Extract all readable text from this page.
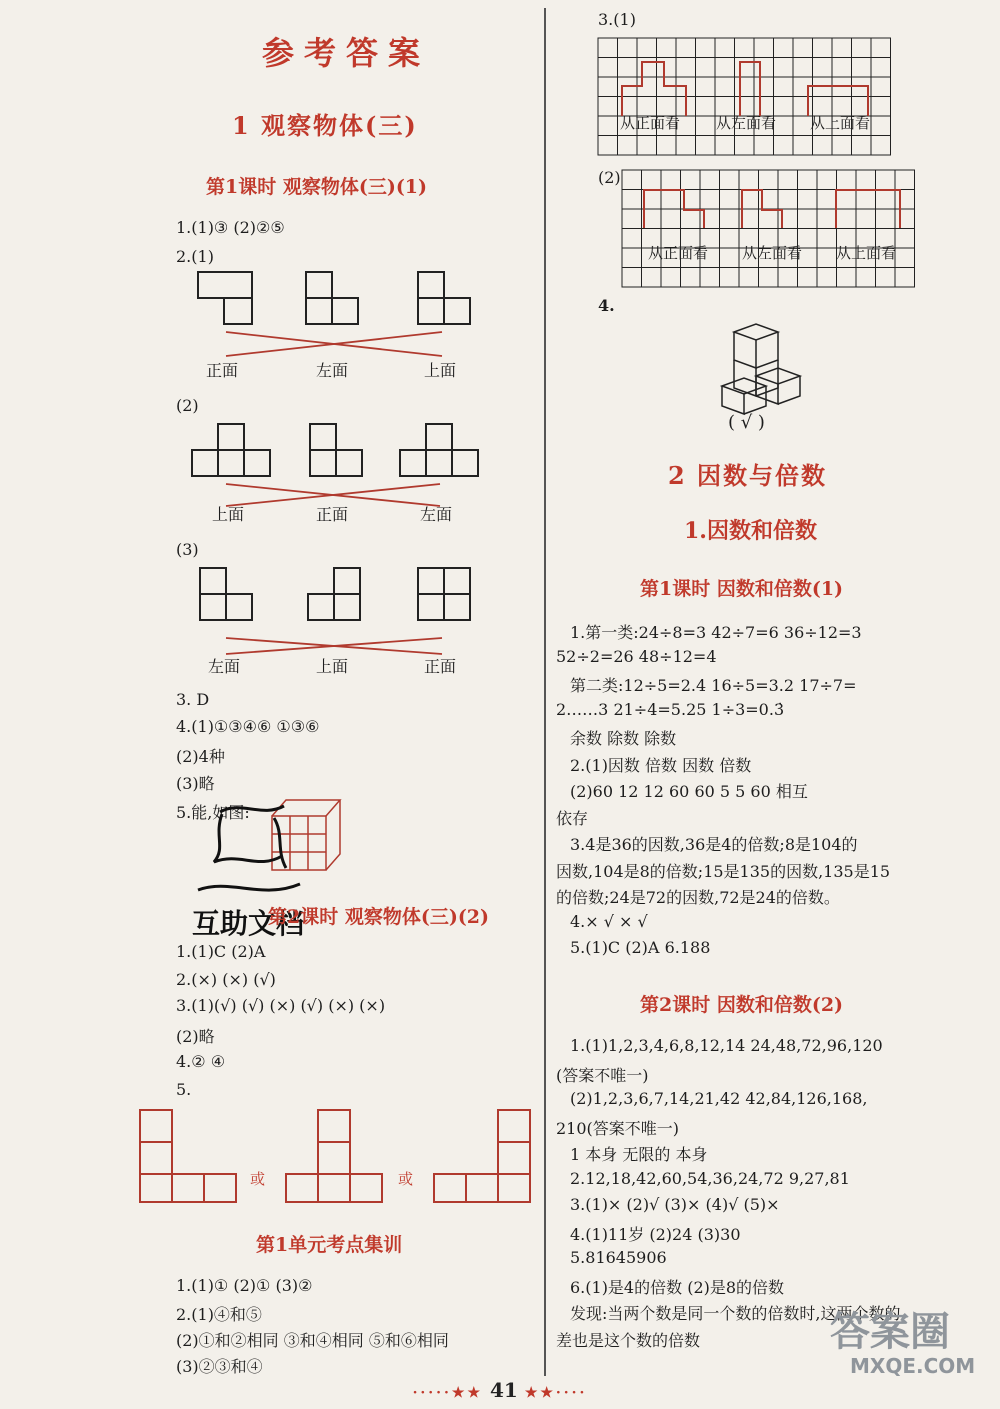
参考答案
1 观察物体(三)
第1课时 观察物体(三)(1)
1.(1)③ (2)②⑤
2.(1)
正面	左面	上面
(2)
上面	正面	左面
(3)
左面	上面	正面
3. D
4.(1)①③④⑥ ①③⑥
(2)4种
(3)略
5.能,如图:
互助文档
第2课时 观察物体(三)(2)
1.(1)C (2)A
2.(×) (×) (√)
3.(1)(√) (√) (×) (√) (×) (×)
(2)略
4.② ④
5.
或	或
第1单元考点集训
1.(1)① (2)① (3)②
2.(1)④和⑤
(2)①和②相同 ③和④相同 ⑤和⑥相同
(3)②③和④
3.(1)
从正面看 从左面看 从上面看
(2)
从正面看 从左面看 从上面看
4.
( √ )
2 因数与倍数
1.因数和倍数
第1课时 因数和倍数(1)
1.第一类:24÷8=3 42÷7=6 36÷12=3
52÷2=26 48÷12=4
第二类:12÷5=2.4 16÷5=3.2 17÷7=
2……3 21÷4=5.25 1÷3=0.3̇
余数 除数 除数
2.(1)因数 倍数 因数 倍数
(2)60 12 12 60 60 5 5 60 相互
依存
3.4是36的因数,36是4的倍数;8是104的
因数,104是8的倍数;15是135的因数,135是15
的倍数;24是72的因数,72是24的倍数。
4.× √ × √
5.(1)C (2)A 6.188
第2课时 因数和倍数(2)
1.(1)1,2,3,4,6,8,12,14 24,48,72,96,120
(答案不唯一)
(2)1,2,3,6,7,14,21,42 42,84,126,168,
210(答案不唯一)
1 本身 无限的 本身
2.12,18,42,60,54,36,24,72 9,27,81
3.(1)× (2)√ (3)× (4)√ (5)×
4.(1)11岁 (2)24 (3)30
5.81645906
6.(1)是4的倍数 (2)是8的倍数
发现:当两个数是同一个数的倍数时,这两个数的
差也是这个数的倍数	答案圈
MXQE.COM
·····★★ 41 ★★····
